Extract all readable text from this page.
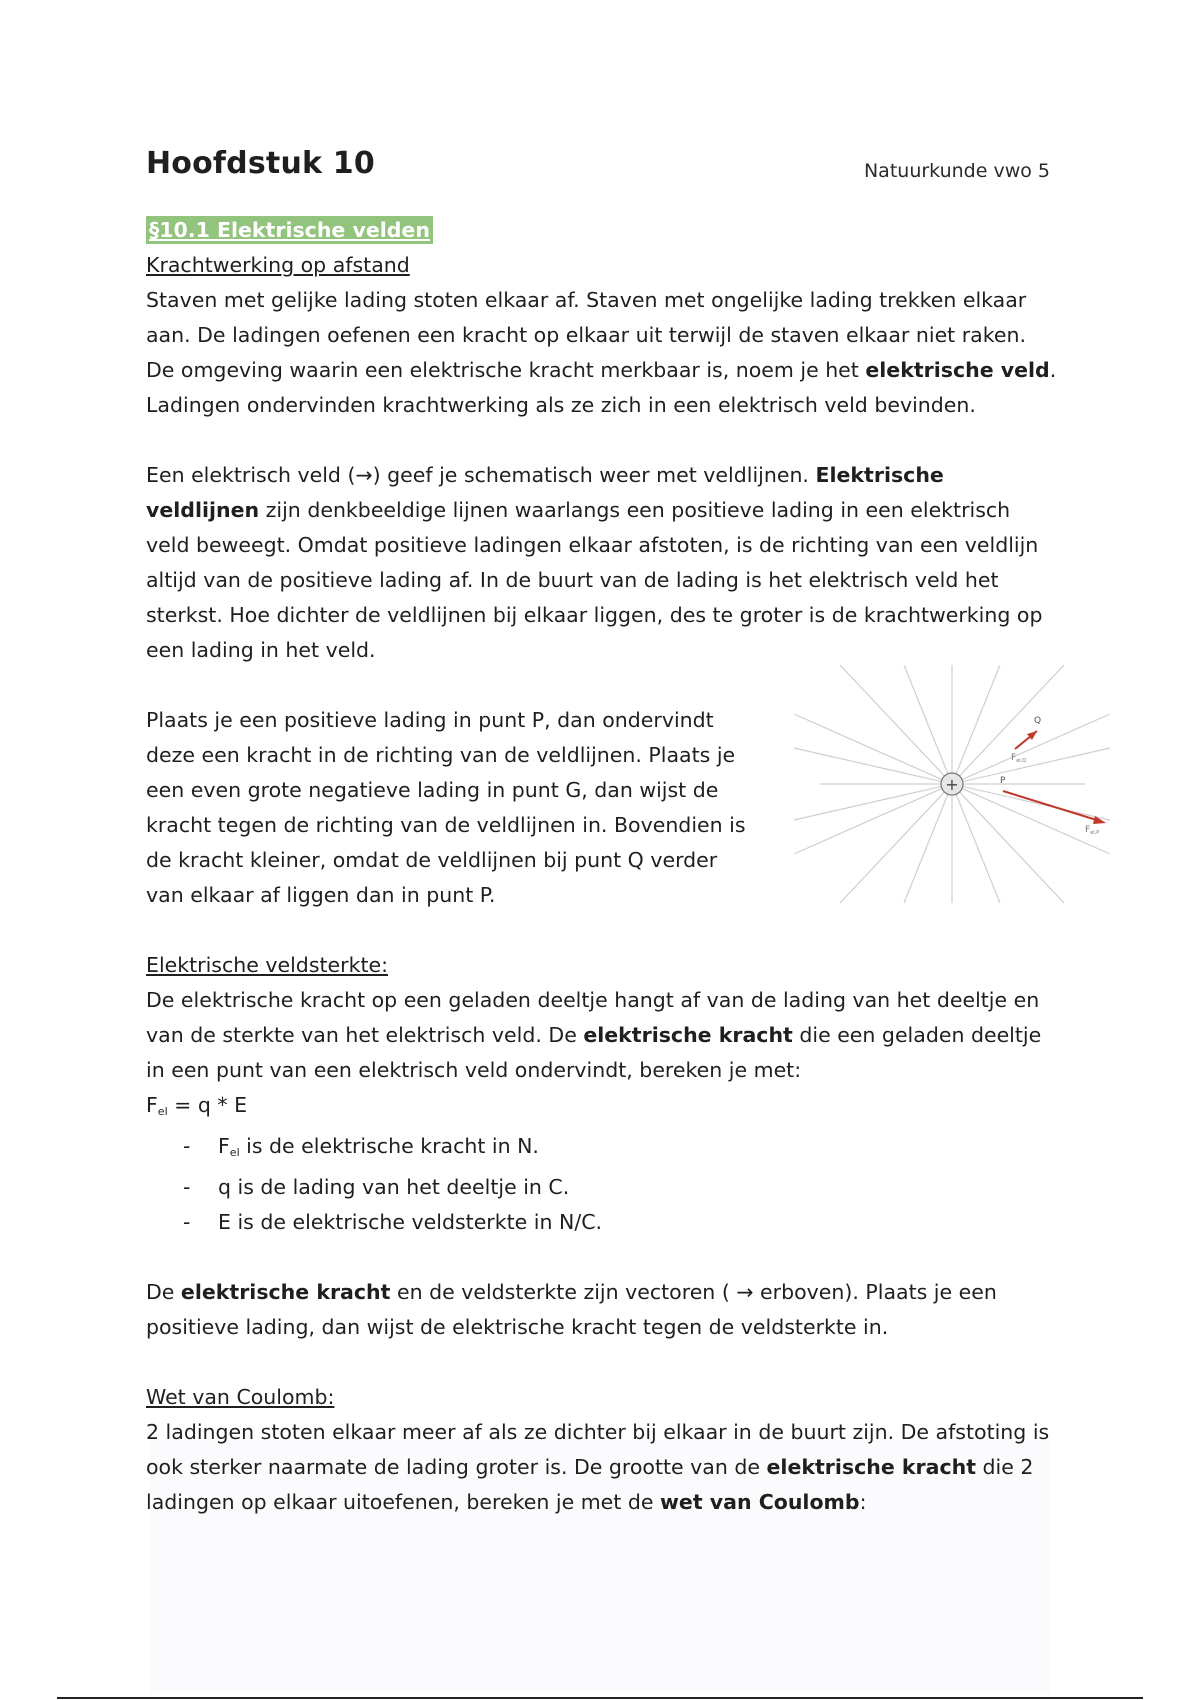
Hoofdstuk 10	Natuurkunde vwo 5

§10.1 Elektrische velden

Krachtwerking op afstand

Staven met gelijke lading stoten elkaar af. Staven met ongelijke lading trekken elkaar aan. De ladingen oefenen een kracht op elkaar uit terwijl de staven elkaar niet raken. De omgeving waarin een elektrische kracht merkbaar is, noem je het elektrische veld. Ladingen ondervinden krachtwerking als ze zich in een elektrisch veld bevinden.

Een elektrisch veld (→) geef je schematisch weer met veldlijnen. Elektrische veldlijnen zijn denkbeeldige lijnen waarlangs een positieve lading in een elektrisch veld beweegt. Omdat positieve ladingen elkaar afstoten, is de richting van een veldlijn altijd van de positieve lading af. In de buurt van de lading is het elektrisch veld het sterkst. Hoe dichter de veldlijnen bij elkaar liggen, des te groter is de krachtwerking op een lading in het veld.

Plaats je een positieve lading in punt P, dan ondervindt deze een kracht in de richting van de veldlijnen. Plaats je een even grote negatieve lading in punt G, dan wijst de kracht tegen de richting van de veldlijnen in. Bovendien is de kracht kleiner, omdat de veldlijnen bij punt Q verder van elkaar af liggen dan in punt P.

+
Q
P
$F_{el,Q}$
$F_{el,P}$

Elektrische veldsterkte:

De elektrische kracht op een geladen deeltje hangt af van de lading van het deeltje en van de sterkte van het elektrisch veld. De elektrische kracht die een geladen deeltje in een punt van een elektrisch veld ondervindt, bereken je met:

$F_{el} = q * E$

- $F_{el}$ is de elektrische kracht in N.
- q is de lading van het deeltje in C.
- E is de elektrische veldsterkte in N/C.

De elektrische kracht en de veldsterkte zijn vectoren ( → erboven). Plaats je een positieve lading, dan wijst de elektrische kracht tegen de veldsterkte in.

Wet van Coulomb:

2 ladingen stoten elkaar meer af als ze dichter bij elkaar in de buurt zijn. De afstoting is ook sterker naarmate de lading groter is. De grootte van de elektrische kracht die 2 ladingen op elkaar uitoefenen, bereken je met de wet van Coulomb:
